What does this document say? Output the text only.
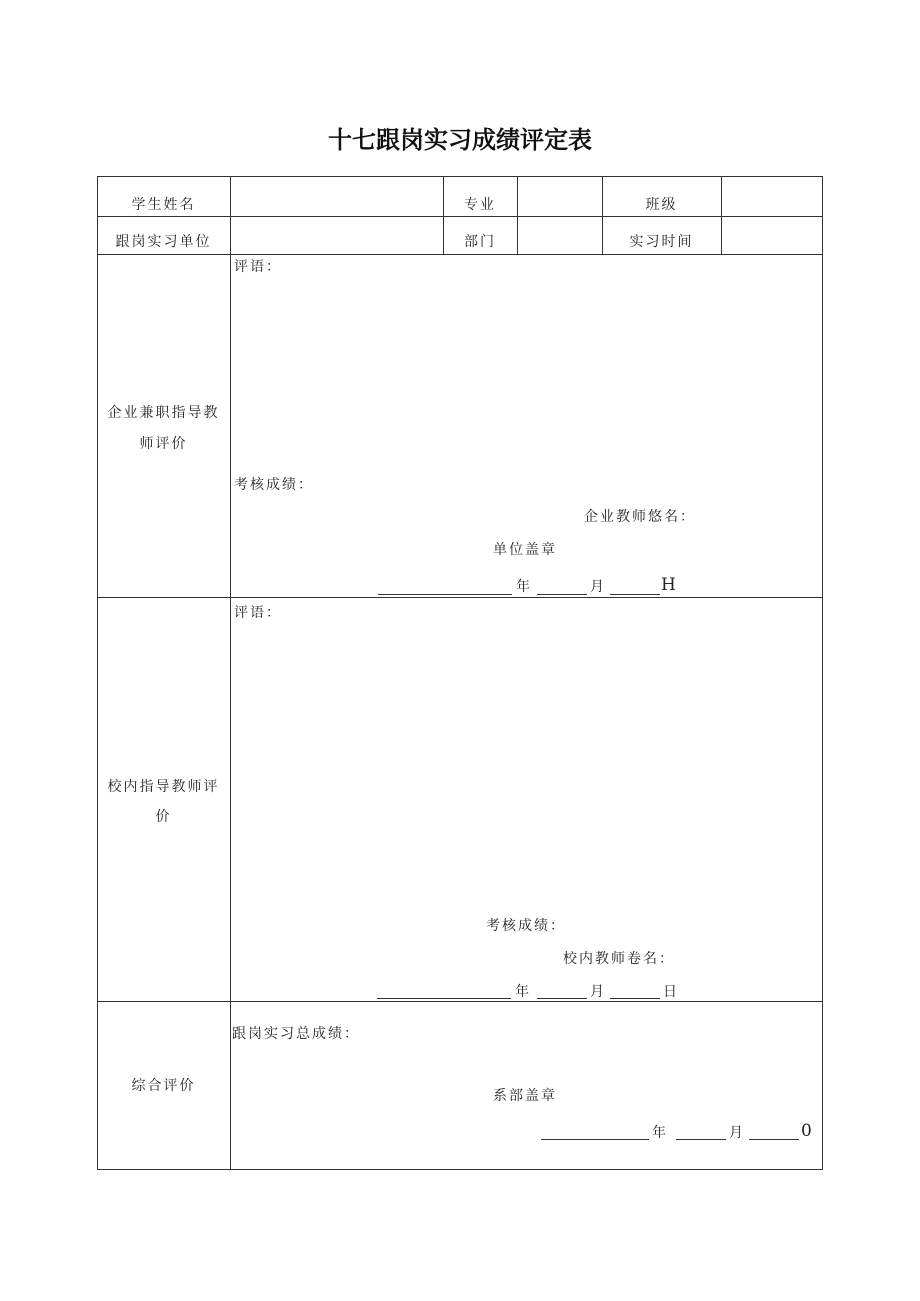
十七跟岗实习成绩评定表
学生姓名	专业	班级
跟岗实习单位	部门	实习时间
企业兼职指导教
师评价
评语：
考核成绩：
企业教师悠名：
单位盖章
年	月	H
校内指导教师评
价
评语：
考核成绩：
校内教师卷名：
年	月	日
综合评价
跟岗实习总成绩：
系部盖章
年	月	0
